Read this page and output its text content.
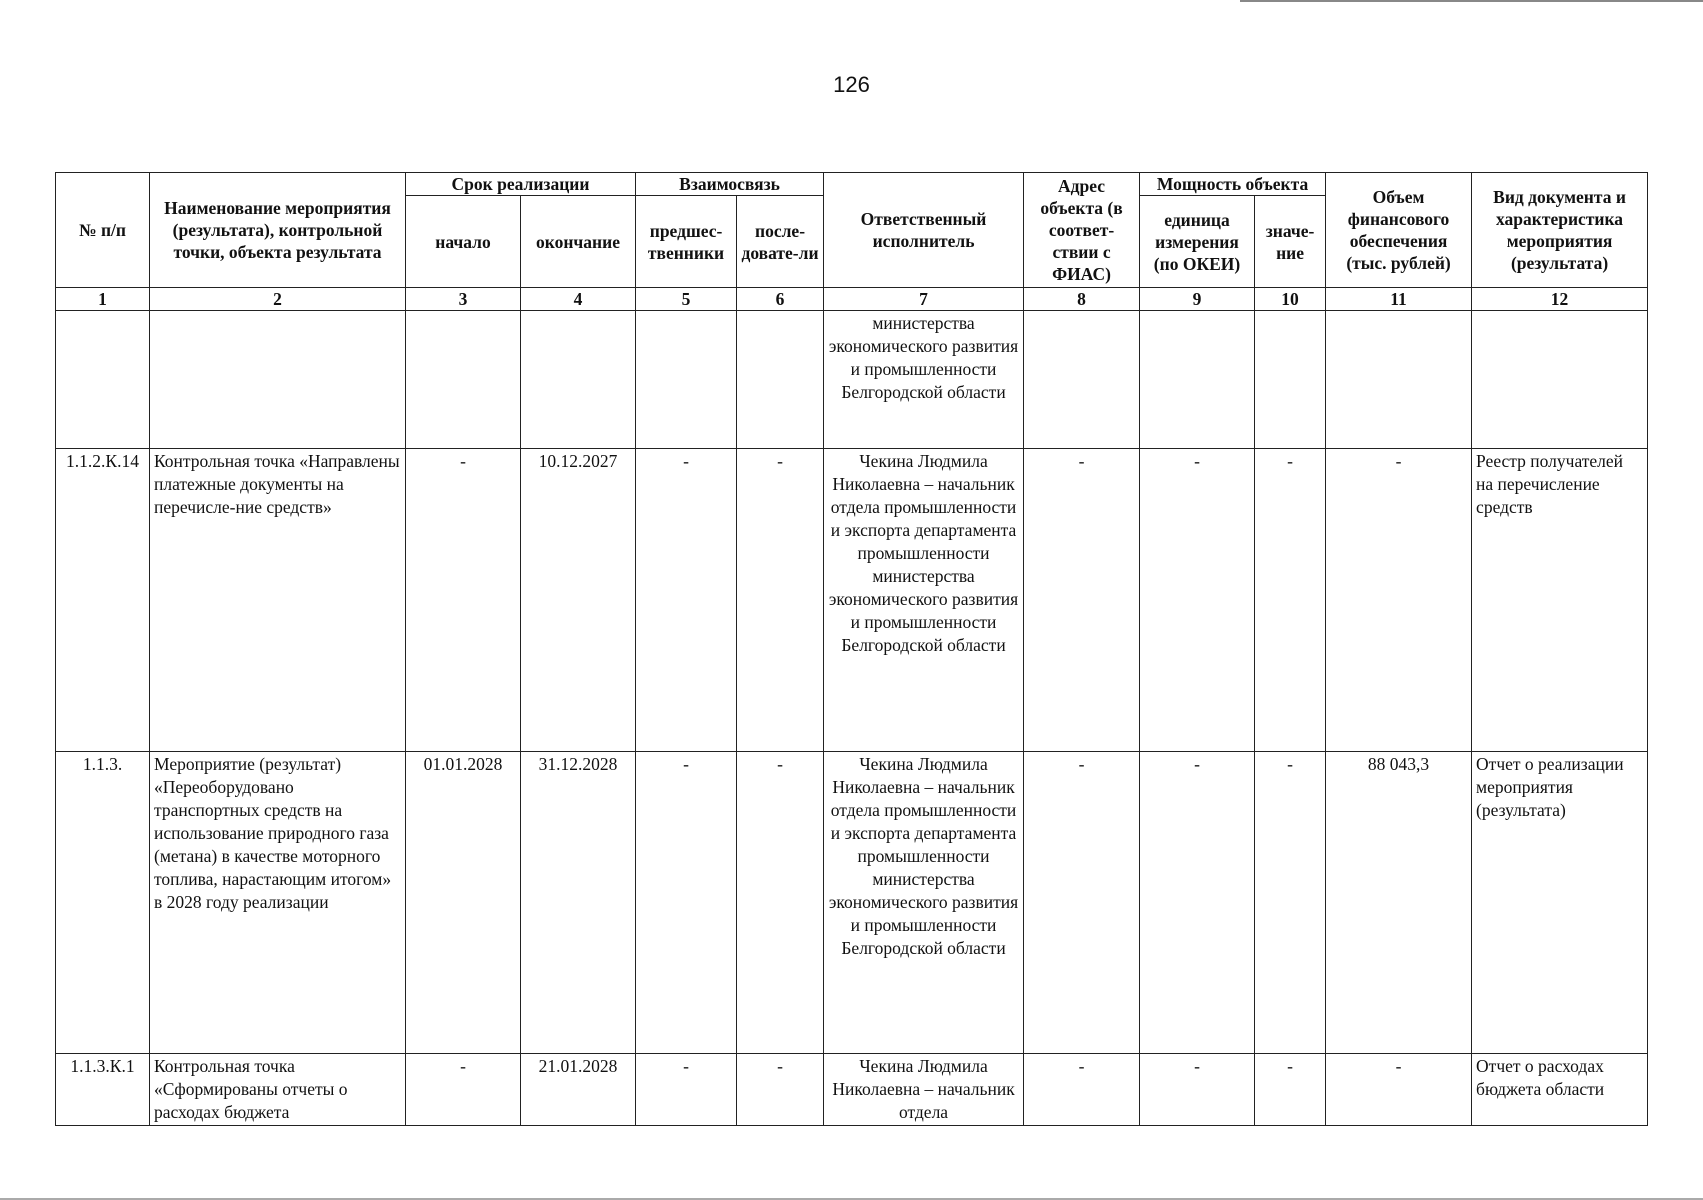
126
№ п/п	Наименование мероприятия (результата), контрольной точки, объекта результата	Срок реализации		Взаимосвязь		Ответственный исполнитель	Адрес объекта (в соответ-ствии с ФИАС)	Мощность объекта		Объем финансового обеспечения (тыс. рублей)	Вид документа и характеристика мероприятия (результата)
		начало	окончание	предшес-твенники	после-довате-ли			единица измерения (по ОКЕИ)	значе-ние		
1	2	3	4	5	6	7	8	9	10	11	12
						министерства экономического развития и промышленности Белгородской области					
1.1.2.К.14	Контрольная точка «Направлены платежные документы на перечисле-ние средств»	-	10.12.2027	-	-	Чекина Людмила Николаевна – начальник отдела промышленности и экспорта департамента промышленности министерства экономического развития и промышленности Белгородской области	-	-	-	-	Реестр получателей на перечисление средств
1.1.3.	Мероприятие (результат) «Переоборудовано транспортных средств на использование природного газа (метана) в качестве моторного топлива, нарастающим итогом» в 2028 году реализации	01.01.2028	31.12.2028	-	-	Чекина Людмила Николаевна – начальник отдела промышленности и экспорта департамента промышленности министерства экономического развития и промышленности Белгородской области	-	-	-	88 043,3	Отчет о реализации мероприятия (результата)
1.1.3.К.1	Контрольная точка «Сформированы отчеты о расходах бюджета	-	21.01.2028	-	-	Чекина Людмила Николаевна – начальник отдела	-	-	-	-	Отчет о расходах бюджета области
